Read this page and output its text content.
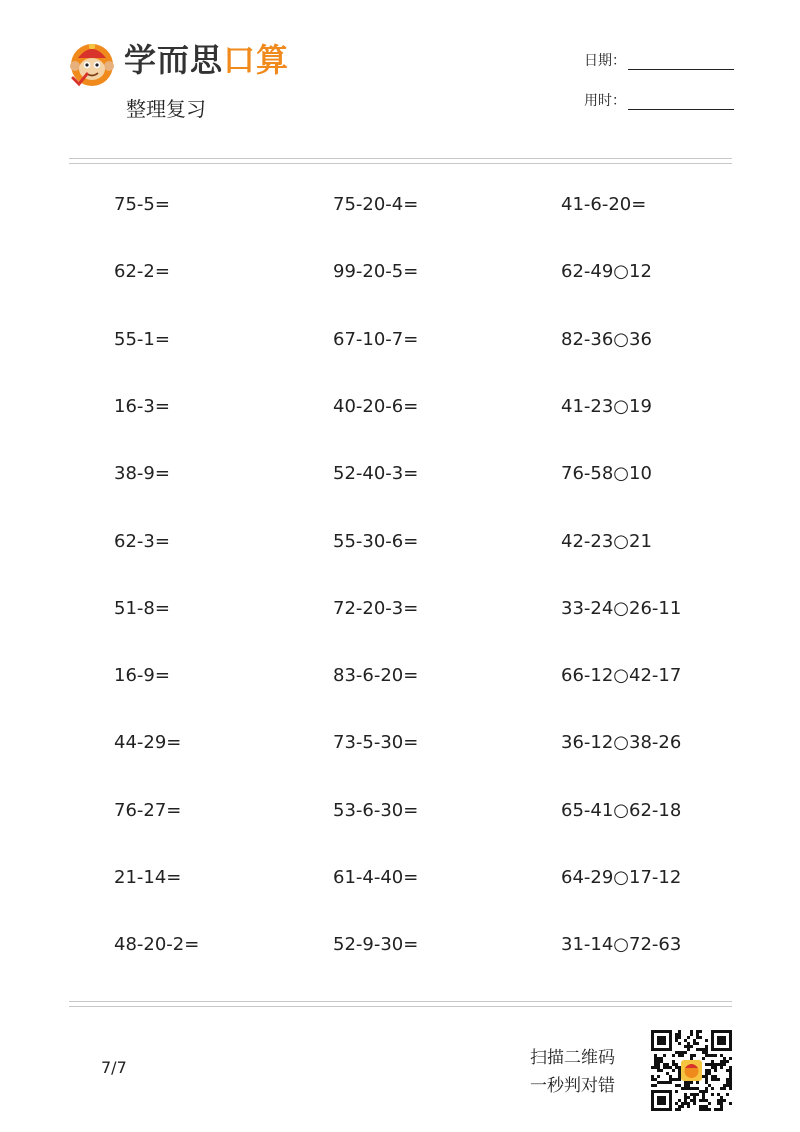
学而思口算
整理复习
日期：
用时：
75-5=
62-2=
55-1=
16-3=
38-9=
62-3=
51-8=
16-9=
44-29=
76-27=
21-14=
48-20-2=
75-20-4=
99-20-5=
67-10-7=
40-20-6=
52-40-3=
55-30-6=
72-20-3=
83-6-20=
73-5-30=
53-6-30=
61-4-40=
52-9-30=
41-6-20=
62-49○12
82-36○36
41-23○19
76-58○10
42-23○21
33-24○26-11
66-12○42-17
36-12○38-26
65-41○62-18
64-29○17-12
31-14○72-63
7/7	扫描二维码
一秒判对错
